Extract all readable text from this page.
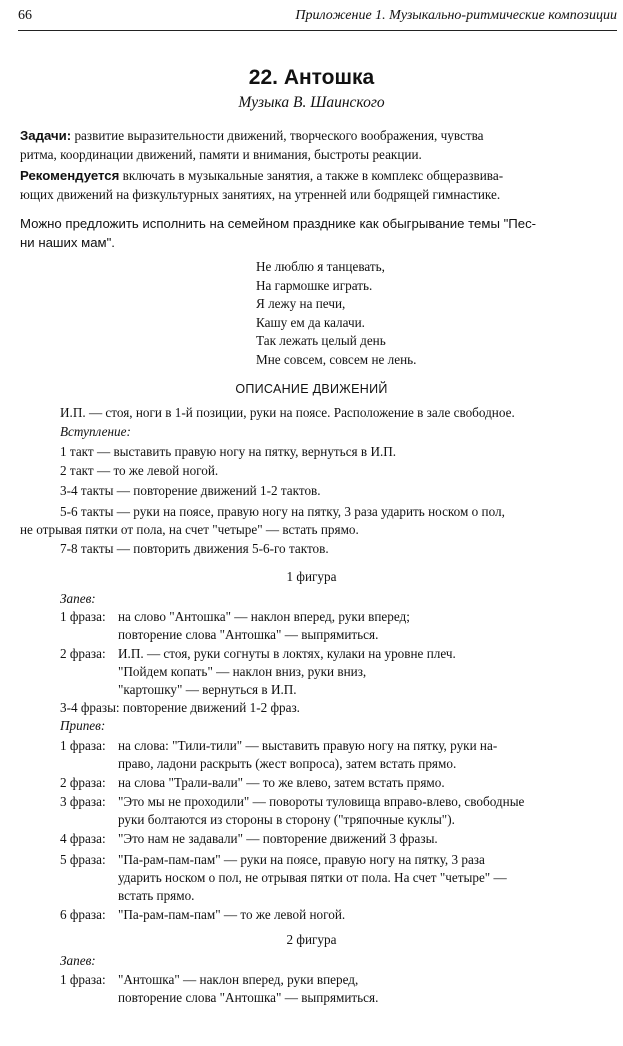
66	Приложение 1. Музыкально-ритмические композиции
22. Антошка
Музыка В. Шаинского
Задачи: развитие выразительности движений, творческого воображения, чувства
ритма, координации движений, памяти и внимания, быстроты реакции.
Рекомендуется включать в музыкальные занятия, а также в комплекс общеразвива-
ющих движений на физкультурных занятиях, на утренней или бодрящей гимнастике.
Можно предложить исполнить на семейном празднике как обыгрывание темы "Пес-
ни наших мам".
Не люблю я танцевать,
На гармошке играть.
Я лежу на печи,
Кашу ем да калачи.
Так лежать целый день
Мне совсем, совсем не лень.
ОПИСАНИЕ ДВИЖЕНИЙ
И.П. — стоя, ноги в 1-й позиции, руки на поясе. Расположение в зале свободное.
Вступление:
1 такт — выставить правую ногу на пятку, вернуться в И.П.
2 такт — то же левой ногой.
3-4 такты — повторение движений 1-2 тактов.
5-6 такты — руки на поясе, правую ногу на пятку, 3 раза ударить носком о пол,
не отрывая пятки от пола, на счет "четыре" — встать прямо.
7-8 такты — повторить движения 5-6-го тактов.
1 фигура
Запев:
1 фраза: на слово "Антошка" — наклон вперед, руки вперед;
повторение слова "Антошка" — выпрямиться.
2 фраза: И.П. — стоя, руки согнуты в локтях, кулаки на уровне плеч.
"Пойдем копать" — наклон вниз, руки вниз,
"картошку" — вернуться в И.П.
3-4 фразы: повторение движений 1-2 фраз.
Припев:
1 фраза: на слова: "Тили-тили" — выставить правую ногу на пятку, руки на-
право, ладони раскрыть (жест вопроса), затем встать прямо.
2 фраза: на слова "Трали-вали" — то же влево, затем встать прямо.
3 фраза: "Это мы не проходили" — повороты туловища вправо-влево, свободные
руки болтаются из стороны в сторону ("тряпочные куклы").
4 фраза: "Это нам не задавали" — повторение движений 3 фразы.
5 фраза: "Па-рам-пам-пам" — руки на поясе, правую ногу на пятку, 3 раза
ударить носком о пол, не отрывая пятки от пола. На счет "четыре" —
встать прямо.
6 фраза: "Па-рам-пам-пам" — то же левой ногой.
2 фигура
Запев:
1 фраза: "Антошка" — наклон вперед, руки вперед,
повторение слова "Антошка" — выпрямиться.
